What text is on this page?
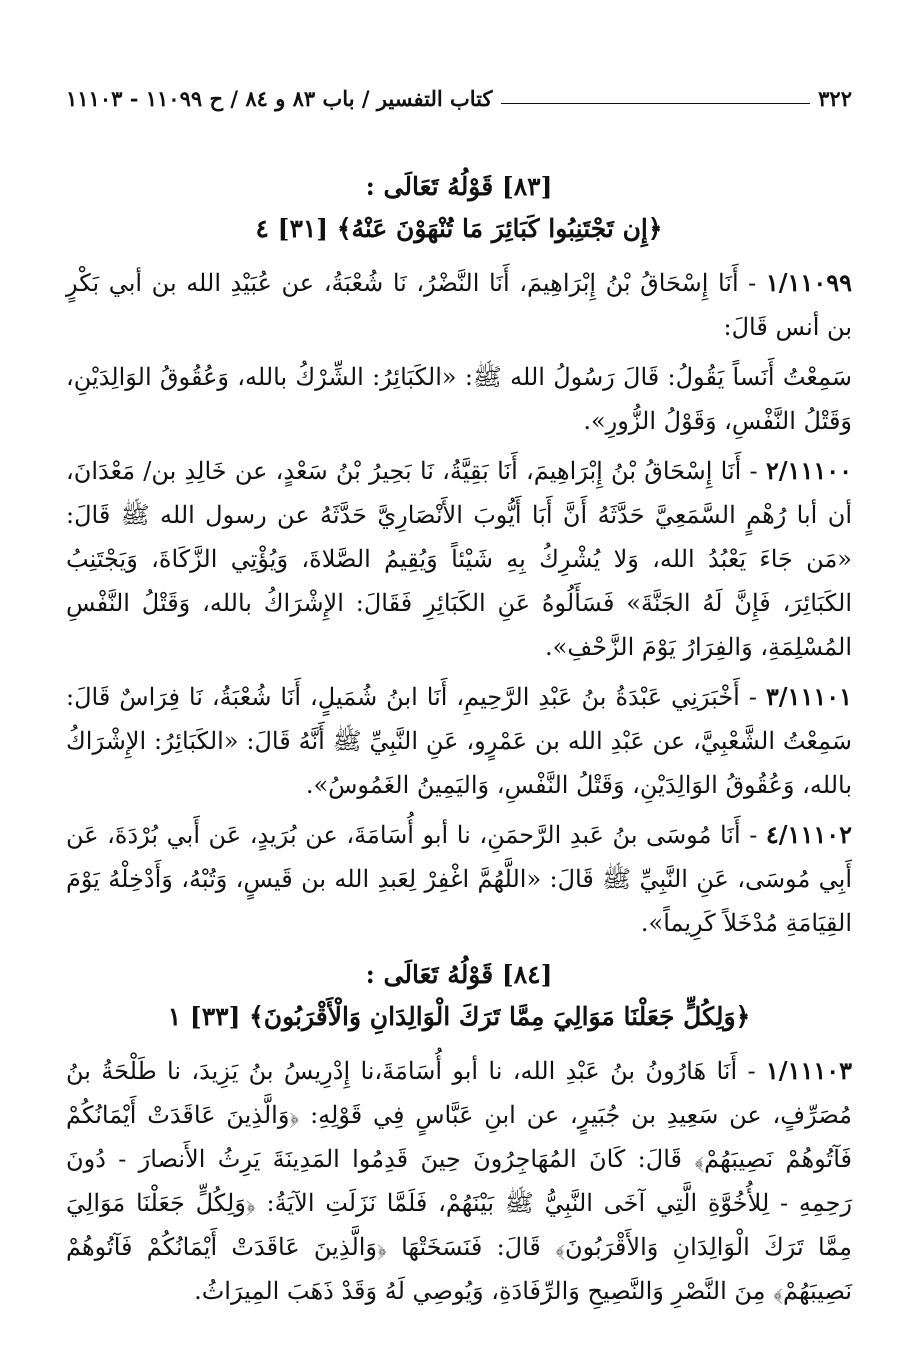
٣٢٢
كتاب التفسير / باب ٨٣ و ٨٤ / ح ١١٠٩٩ - ١١١٠٣
[٨٣] قَوْلُهُ تَعَالَى :
﴿إِن تَجْتَنِبُوا كَبَائِرَ مَا تُنْهَوْنَ عَنْهُ﴾ [٣١] ٤

١/١١٠٩٩ - أَنَا إِسْحَاقُ بْنُ إِبْرَاهِيمَ، أَنَا النَّضْرُ، نَا شُعْبَةُ، عن عُبَيْدِ الله بن أبي بَكْرٍ بن أنس قَالَ:

سَمِعْتُ أَنَساً يَقُولُ: قَالَ رَسُولُ الله ﷺ: «الكَبَائِرُ: الشِّرْكُ بالله، وَعُقُوقُ الوَالِدَيْنِ، وَقَتْلُ النَّفْسِ، وَقَوْلُ الزُّورِ».

٢/١١١٠٠ - أَنَا إِسْحَاقُ بْنُ إِبْرَاهِيمَ، أَنَا بَقِيَّةُ، نَا بَحِيرُ بْنُ سَعْدٍ، عن خَالِدِ بن/ مَعْدَانَ، أن أبا رُهْمٍ السَّمَعِيَّ حَدَّثَهُ أَنَّ أَبَا أَيُّوبَ الأَنْصَارِيَّ حَدَّثَهُ عن رسول الله ﷺ قَالَ: «مَن جَاءَ يَعْبُدُ الله، وَلا يُشْرِكُ بِهِ شَيْئاً وَيُقِيمُ الصَّلاةَ، وَيُؤْتِي الزَّكَاةَ، وَيَجْتَنِبُ الكَبَائِرَ، فَإِنَّ لَهُ الجَنَّةَ» فَسَأَلُوهُ عَنِ الكَبَائِرِ فَقَالَ: الإِشْرَاكُ بالله، وَقَتْلُ النَّفْسِ المُسْلِمَةِ، وَالفِرَارُ يَوْمَ الزَّحْفِ».

٣/١١١٠١ - أَخْبَرَنِي عَبْدَةُ بنُ عَبْدِ الرَّحِيمِ، أَنَا ابنُ شُمَيلٍ، أَنَا شُعْبَةُ، نَا فِرَاسٌ قَالَ: سَمِعْتُ الشَّعْبِيَّ، عن عَبْدِ الله بن عَمْرٍو، عَنِ النَّبِيِّ ﷺ أَنَّهُ قَالَ: «الكَبَائِرُ: الإِشْرَاكُ بالله، وَعُقُوقُ الوَالِدَيْنِ، وَقَتْلُ النَّفْسِ، وَاليَمِينُ الغَمُوسُ».

٤/١١١٠٢ - أَنَا مُوسَى بنُ عَبدِ الرَّحمَنِ، نا أبو أُسَامَةَ، عن بُرَيدٍ، عَن أَبي بُرْدَةَ، عَن أَبِي مُوسَى، عَنِ النَّبِيِّ ﷺ قَالَ: «اللَّهُمَّ اغْفِرْ لِعَبدِ الله بن قَيسٍ، وَتُبْهُ، وَأَدْخِلْهُ يَوْمَ القِيَامَةِ مُدْخَلاً كَرِيماً».

[٨٤] قَوْلُهُ تَعَالَى :
﴿وَلِكُلٍّ جَعَلْنَا مَوَالِيَ مِمَّا تَرَكَ الْوَالِدَانِ وَالْأَقْرَبُونَ﴾ [٣٣] ١

١/١١١٠٣ - أَنَا هَارُونُ بنُ عَبْدِ الله، نا أبو أُسَامَةَ،نا إِدْرِيسُ بنُ يَزِيدَ، نا طَلْحَةُ بنُ مُصَرِّفٍ، عن سَعِيدِ بن جُبَيرٍ، عن ابنِ عَبَّاسٍ فِي قَوْلِهِ: ﴿وَالَّذِينَ عَاقَدَتْ أَيْمَانُكُمْ فَآتُوهُمْ نَصِيبَهُمْ﴾ قَالَ: كَانَ المُهَاجِرُونَ حِينَ قَدِمُوا المَدِينَةَ يَرِثُ الأَنصارَ - دُونَ رَحِمِهِ - لِلأُخُوَّةِ الَّتِي آخَى النَّبِيُّ ﷺ بَيْنَهُمْ، فَلَمَّا نَزَلَتِ الآيَةُ: ﴿وَلِكُلٍّ جَعَلْنَا مَوَالِيَ مِمَّا تَرَكَ الْوَالِدَانِ وَالأَقْرَبُونَ﴾ قَالَ: فَنَسَخَتْهَا ﴿وَالَّذِينَ عَاقَدَتْ أَيْمَانُكُمْ فَآتُوهُمْ نَصِيبَهُمْ﴾ مِنَ النَّصْرِ وَالنَّصِيحِ وَالرِّفَادَةِ، وَيُوصِي لَهُ وَقَدْ ذَهَبَ المِيرَاثُ.
